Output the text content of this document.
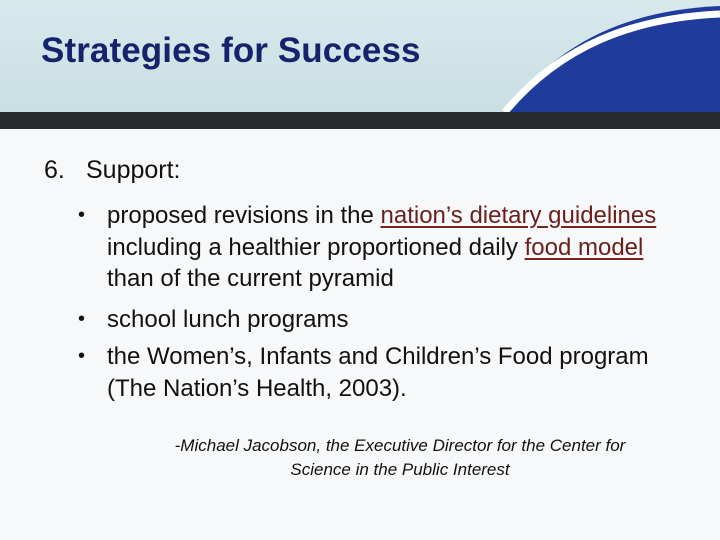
Strategies for Success
6. Support:
• proposed revisions in the nation’s dietary guidelines including a healthier proportioned daily food model than of the current pyramid
• school lunch programs
• the Women’s, Infants and Children’s Food program (The Nation’s Health, 2003).
-Michael Jacobson, the Executive Director for the Center for
Science in the Public Interest
